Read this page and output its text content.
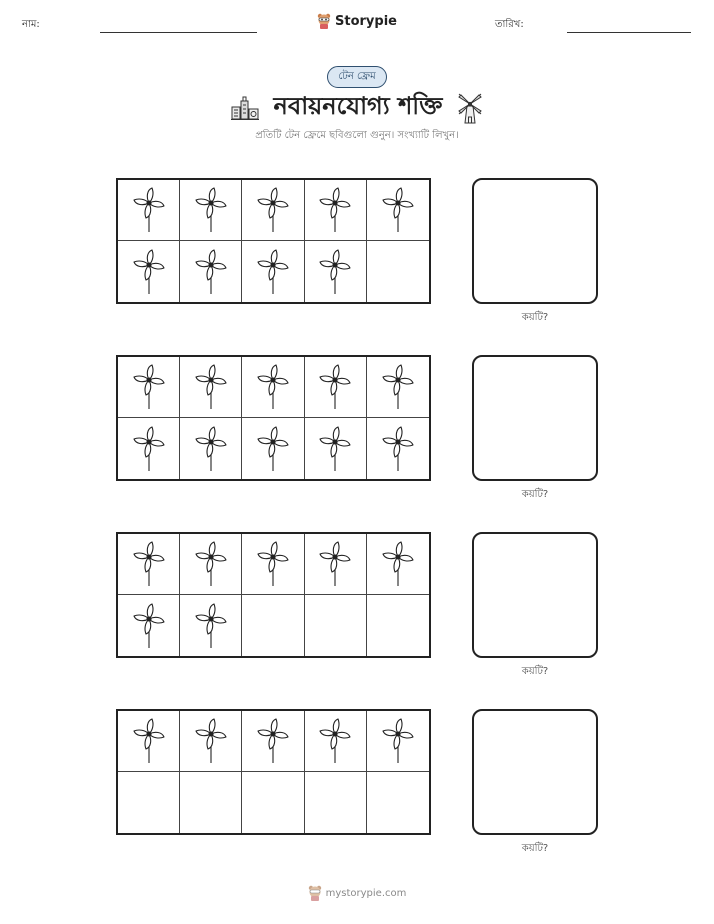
নাম:	Storypie	তারিখ:
টেন ফ্রেম
নবায়নযোগ্য শক্তি
প্রতিটি টেন ফ্রেমে ছবিগুলো গুনুন। সংখ্যাটি লিখুন।
কয়টি?
কয়টি?
কয়টি?
কয়টি?
mystorypie.com
